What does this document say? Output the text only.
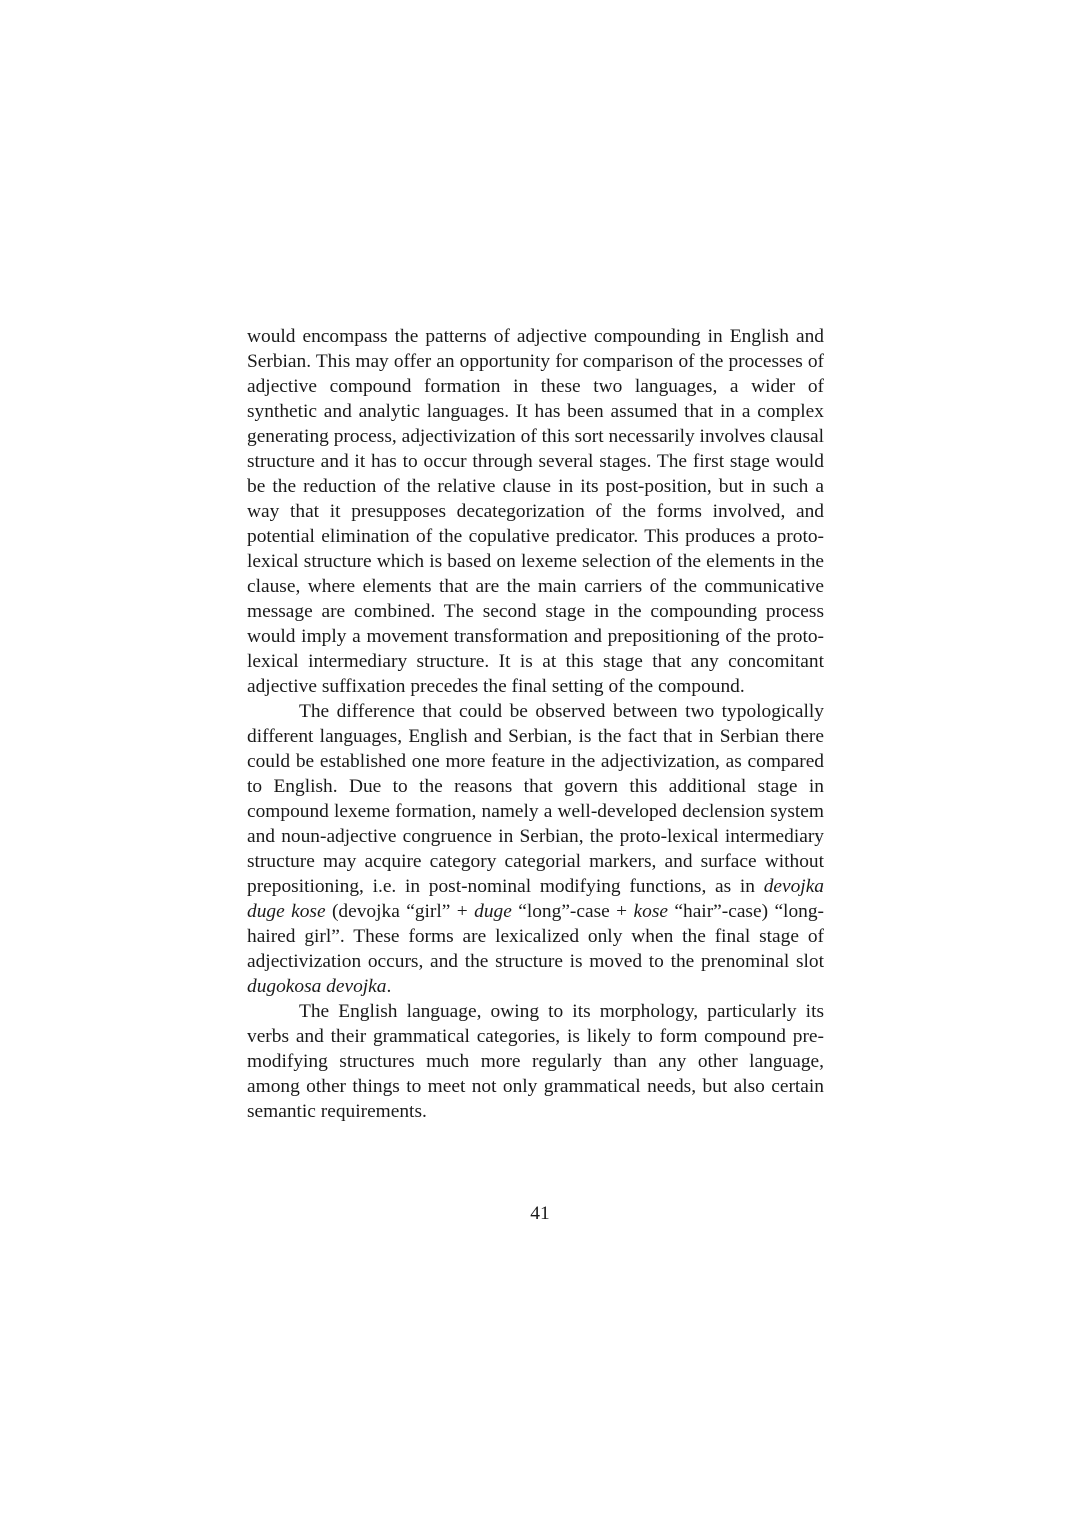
would encompass the patterns of adjective compounding in English and Serbian. This may offer an opportunity for comparison of the processes of adjective compound formation in these two languages, a wider of synthetic and analytic languages. It has been assumed that in a complex generating process, adjectivization of this sort necessarily involves clausal structure and it has to occur through several stages. The first stage would be the reduction of the relative clause in its post-position, but in such a way that it presupposes decategorization of the forms involved, and potential elimination of the copulative predicator. This produces a proto-lexical structure which is based on lexeme selection of the elements in the clause, where elements that are the main carriers of the communicative message are combined. The second stage in the compounding process would imply a movement transformation and prepositioning of the proto-lexical intermediary structure. It is at this stage that any concomitant adjective suffixation precedes the final setting of the compound.

The difference that could be observed between two typologically different languages, English and Serbian, is the fact that in Serbian there could be established one more feature in the adjectivization, as compared to English. Due to the reasons that govern this additional stage in compound lexeme formation, namely a well-developed declension system and noun-adjective congruence in Serbian, the proto-lexical intermediary structure may acquire category categorial markers, and surface without prepositioning, i.e. in post-nominal modifying functions, as in devojka duge kose (devojka “girl” + duge “long”-case + kose “hair”-case) “long-haired girl”. These forms are lexicalized only when the final stage of adjectivization occurs, and the structure is moved to the prenominal slot dugokosa devojka.

The English language, owing to its morphology, particularly its verbs and their grammatical categories, is likely to form compound pre-modifying structures much more regularly than any other language, among other things to meet not only grammatical needs, but also certain semantic requirements.

41
